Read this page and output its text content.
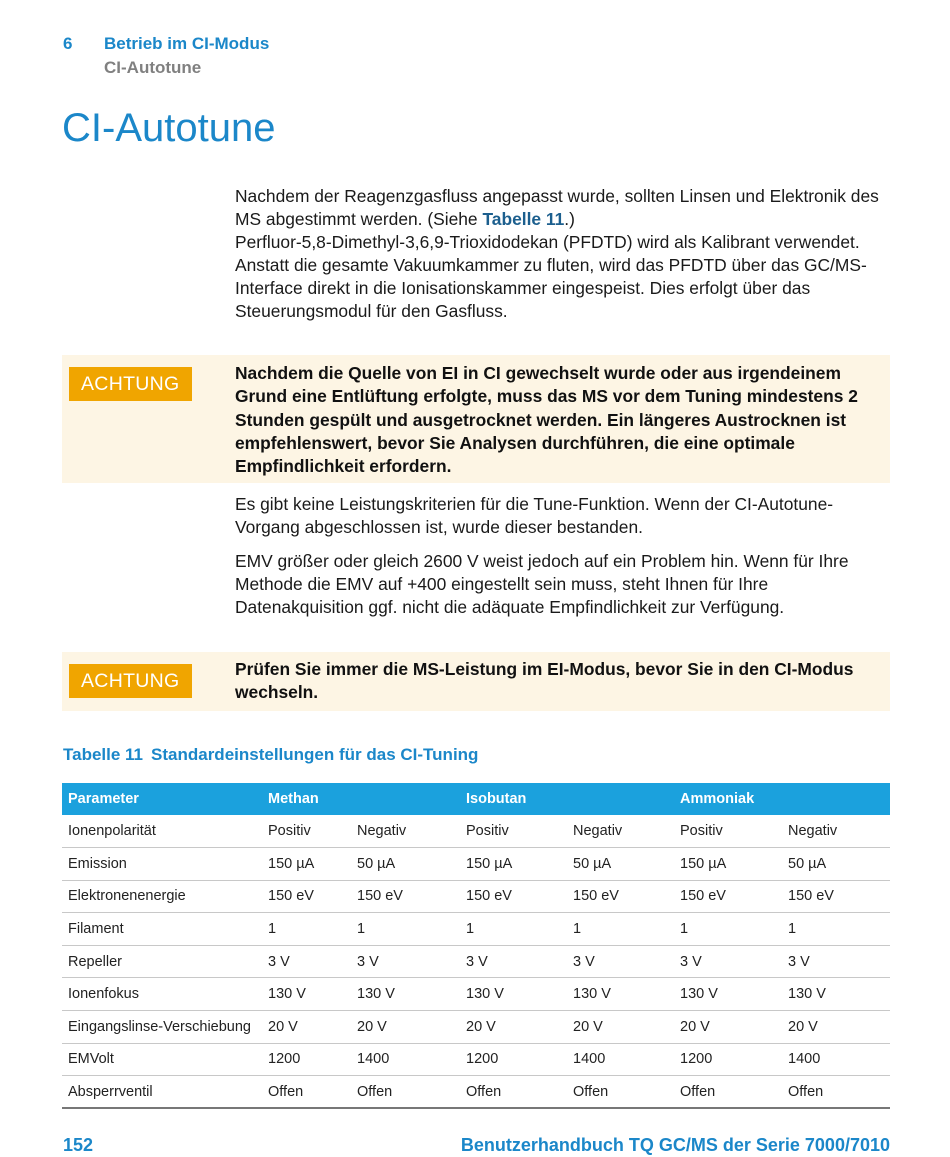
6 Betrieb im CI-Modus
CI-Autotune
CI-Autotune

Nachdem der Reagenzgasfluss angepasst wurde, sollten Linsen und Elektronik des MS abgestimmt werden. (Siehe Tabelle 11.)
Perfluor-5,8-Dimethyl-3,6,9-Trioxidodekan (PFDTD) wird als Kalibrant verwendet. Anstatt die gesamte Vakuumkammer zu fluten, wird das PFDTD über das GC/MS-Interface direkt in die Ionisationskammer eingespeist. Dies erfolgt über das Steuerungsmodul für den Gasfluss.

ACHTUNG	Nachdem die Quelle von EI in CI gewechselt wurde oder aus irgendeinem Grund eine Entlüftung erfolgte, muss das MS vor dem Tuning mindestens 2 Stunden gespült und ausgetrocknet werden. Ein längeres Austrocknen ist empfehlenswert, bevor Sie Analysen durchführen, die eine optimale Empfindlichkeit erfordern.

Es gibt keine Leistungskriterien für die Tune-Funktion. Wenn der CI-Autotune-Vorgang abgeschlossen ist, wurde dieser bestanden.

EMV größer oder gleich 2600 V weist jedoch auf ein Problem hin. Wenn für Ihre Methode die EMV auf +400 eingestellt sein muss, steht Ihnen für Ihre Datenakquisition ggf. nicht die adäquate Empfindlichkeit zur Verfügung.

ACHTUNG
Prüfen Sie immer die MS-Leistung im EI-Modus, bevor Sie in den CI-Modus wechseln.
Tabelle 11 Standardeinstellungen für das CI-Tuning
Parameter	Methan		Isobutan		Ammoniak	
Ionenpolarität	Positiv	Negativ	Positiv	Negativ	Positiv	Negativ
Emission	150 µA	50 µA	150 µA	50 µA	150 µA	50 µA
Elektronenenergie	150 eV	150 eV	150 eV	150 eV	150 eV	150 eV
Filament	1	1	1	1	1	1
Repeller	3 V	3 V	3 V	3 V	3 V	3 V
Ionenfokus	130 V	130 V	130 V	130 V	130 V	130 V
Eingangslinse-Verschiebung	20 V	20 V	20 V	20 V	20 V	20 V
EMVolt	1200	1400	1200	1400	1200	1400
Absperrventil	Offen	Offen	Offen	Offen	Offen	Offen
152	Benutzerhandbuch TQ GC/MS der Serie 7000/7010
